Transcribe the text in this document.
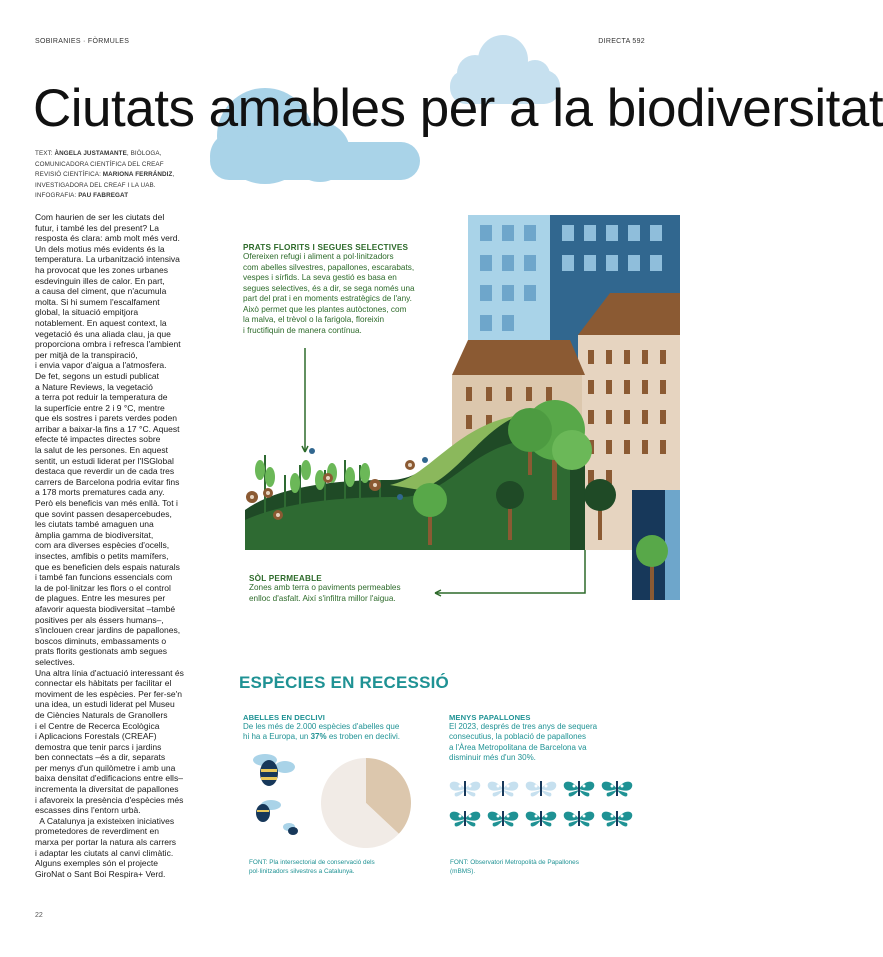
SOBIRANIES · FÒRMULES	DIRECTA 592
Ciutats amables per a la biodiversitat
TEXT: ÀNGELA JUSTAMANTE, BIÒLOGA,
COMUNICADORA CIENTÍFICA DEL CREAF
REVISIÓ CIENTÍFICA: MARIONA FERRÁNDIZ,
INVESTIGADORA DEL CREAF I LA UAB.
INFOGRAFIA: PAU FABREGAT
Com haurien de ser les ciutats del
futur, i també les del present? La
resposta és clara: amb molt més verd.
Un dels motius més evidents és la
temperatura. La urbanització intensiva
ha provocat que les zones urbanes
esdevinguin illes de calor. En part,
a causa del ciment, que n'acumula
molta. Si hi sumem l'escalfament
global, la situació empitjora
notablement. En aquest context, la
vegetació és una aliada clau, ja que
proporciona ombra i refresca l'ambient
per mitjà de la transpiració,
i envia vapor d'aigua a l'atmosfera.
De fet, segons un estudi publicat
a Nature Reviews, la vegetació
a terra pot reduir la temperatura de
la superfície entre 2 i 9 °C, mentre
que els sostres i parets verdes poden
arribar a baixar-la fins a 17 °C. Aquest
efecte té impactes directes sobre
la salut de les persones. En aquest
sentit, un estudi liderat per l'ISGlobal
destaca que reverdir un de cada tres
carrers de Barcelona podria evitar fins
a 178 morts prematures cada any.
Però els beneficis van més enllà. Tot i
que sovint passen desapercebudes,
les ciutats també amaguen una
àmplia gamma de biodiversitat,
com ara diverses espècies d'ocells,
insectes, amfibis o petits mamífers,
que es beneficien dels espais naturals
i també fan funcions essencials com
la de pol·linitzar les flors o el control
de plagues. Entre les mesures per
afavorir aquesta biodiversitat –també
positives per als éssers humans–,
s'inclouen crear jardins de papallones,
boscos diminuts, embassaments o
prats florits gestionats amb segues
selectives.
Una altra línia d'actuació interessant és
connectar els hàbitats per facilitar el
moviment de les espècies. Per fer-se'n
una idea, un estudi liderat pel Museu
de Ciències Naturals de Granollers
i el Centre de Recerca Ecològica
i Aplicacions Forestals (CREAF)
demostra que tenir parcs i jardins
ben connectats –és a dir, separats
per menys d'un quilòmetre i amb una
baixa densitat d'edificacions entre ells–
incrementa la diversitat de papallones
i afavoreix la presència d'espècies més
escasses dins l'entorn urbà.
A Catalunya ja existeixen iniciatives
prometedores de reverdiment en
marxa per portar la natura als carrers
i adaptar les ciutats al canvi climàtic.
Alguns exemples són el projecte
GiroNat o Sant Boi Respira+ Verd.
PRATS FLORITS I SEGUES SELECTIVES
Ofereixen refugi i aliment a pol·linitzadors
com abelles silvestres, papallones, escarabats,
vespes i sírfids. La seva gestió es basa en
segues selectives, és a dir, se sega només una
part del prat i en moments estratègics de l'any.
Això permet que les plantes autòctones, com
la malva, el trèvol o la farigola, floreixin
i fructifiquin de manera contínua.
SÒL PERMEABLE
Zones amb terra o paviments permeables
enlloc d'asfalt. Així s'infiltra millor l'aigua.
ESPÈCIES EN RECESSIÓ
ABELLES EN DECLIVI
De les més de 2.000 espècies d'abelles que
hi ha a Europa, un 37% es troben en declivi.
FONT: Pla intersectorial de conservació dels
pol·linitzadors silvestres a Catalunya.
MENYS PAPALLONES
El 2023, després de tres anys de sequera
consecutius, la població de papallones
a l'Àrea Metropolitana de Barcelona va
disminuir més d'un 30%.
FONT: Observatori Metropolità de Papallones
(mBMS).
22
